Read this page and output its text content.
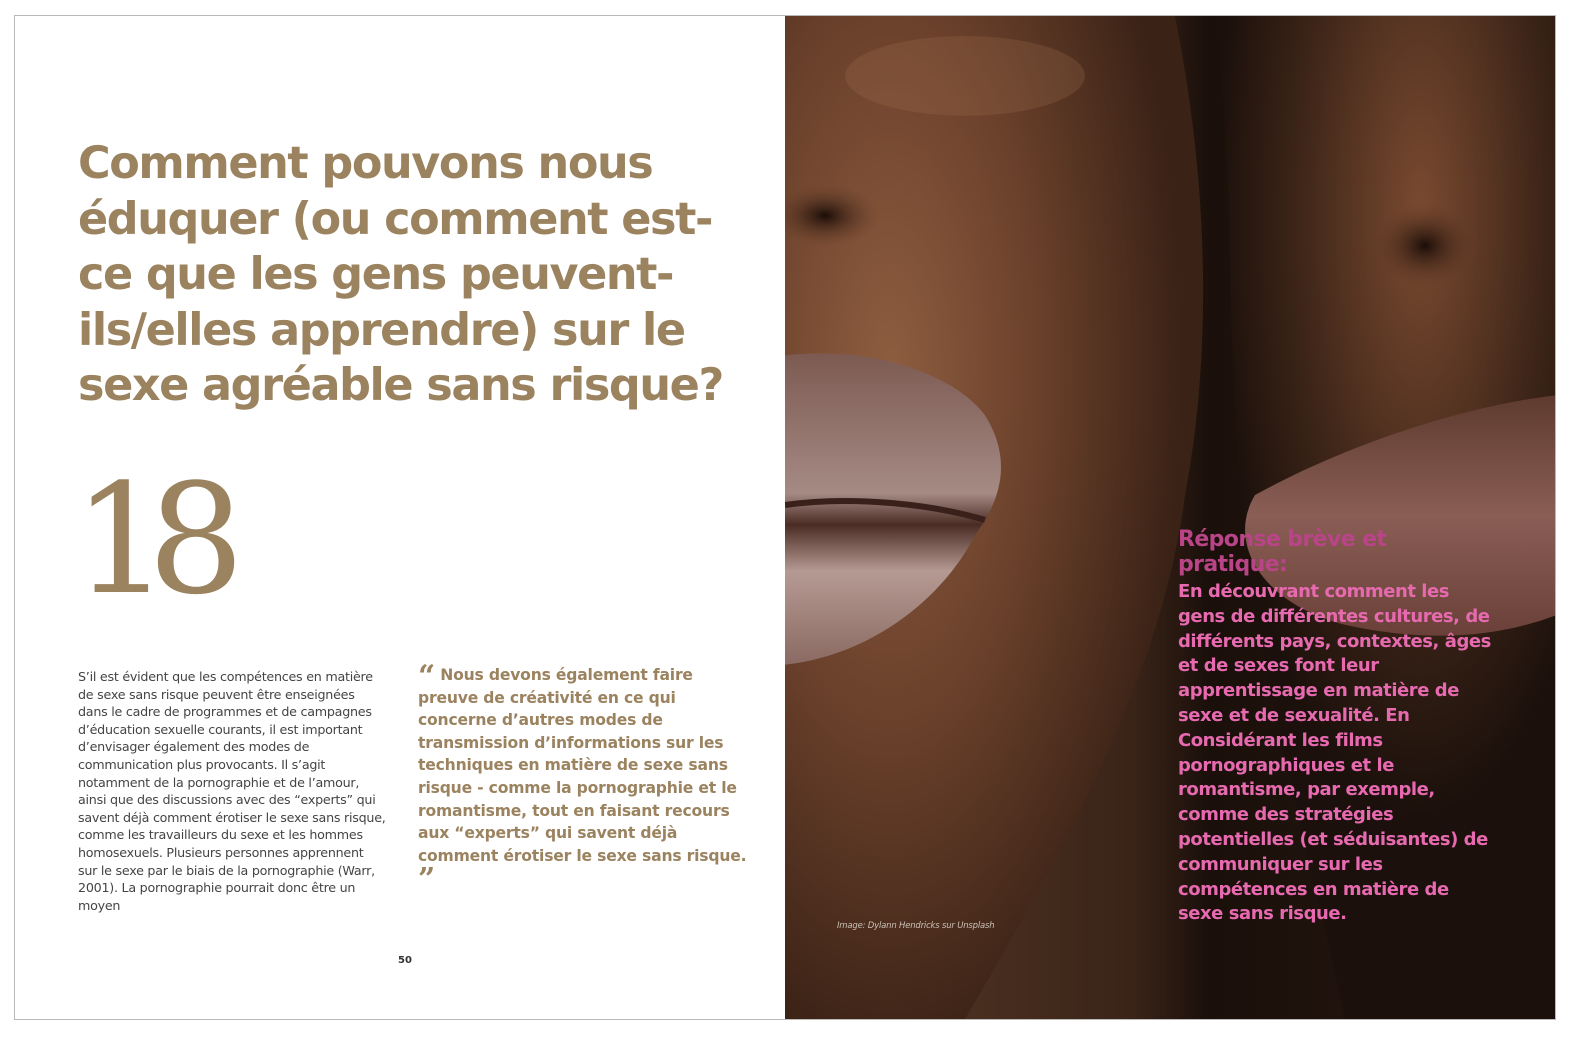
Comment pouvons nous éduquer (ou comment est-ce que les gens peuvent-ils/elles apprendre) sur le sexe agréable sans risque?
18

S’il est évident que les compétences en matière de sexe sans risque peuvent être enseignées dans le cadre de programmes et de campagnes d’éducation sexuelle courants, il est important d’envisager également des modes de communication plus provocants. Il s’agit notamment de la pornographie et de l’amour, ainsi que des discussions avec des “experts” qui savent déjà comment érotiser le sexe sans risque, comme les travailleurs du sexe et les hommes homosexuels. Plusieurs personnes apprennent sur le sexe par le biais de la pornographie (Warr, 2001). La pornographie pourrait donc être un moyen

“ Nous devons également faire preuve de créativité en ce qui concerne d’autres modes de transmission d’informations sur les techniques en matière de sexe sans risque - comme la pornographie et le romantisme, tout en faisant recours aux “experts” qui savent déjà comment érotiser le sexe sans risque. ”

50
Image: Dylann Hendricks sur Unsplash
Réponse brève et pratique:

En découvrant comment les gens de différentes cultures, de différents pays, contextes, âges et de sexes font leur apprentissage en matière de sexe et de sexualité. En Considérant les films pornographiques et le romantisme, par exemple, comme des stratégies potentielles (et séduisantes) de communiquer sur les compétences en matière de sexe sans risque.
